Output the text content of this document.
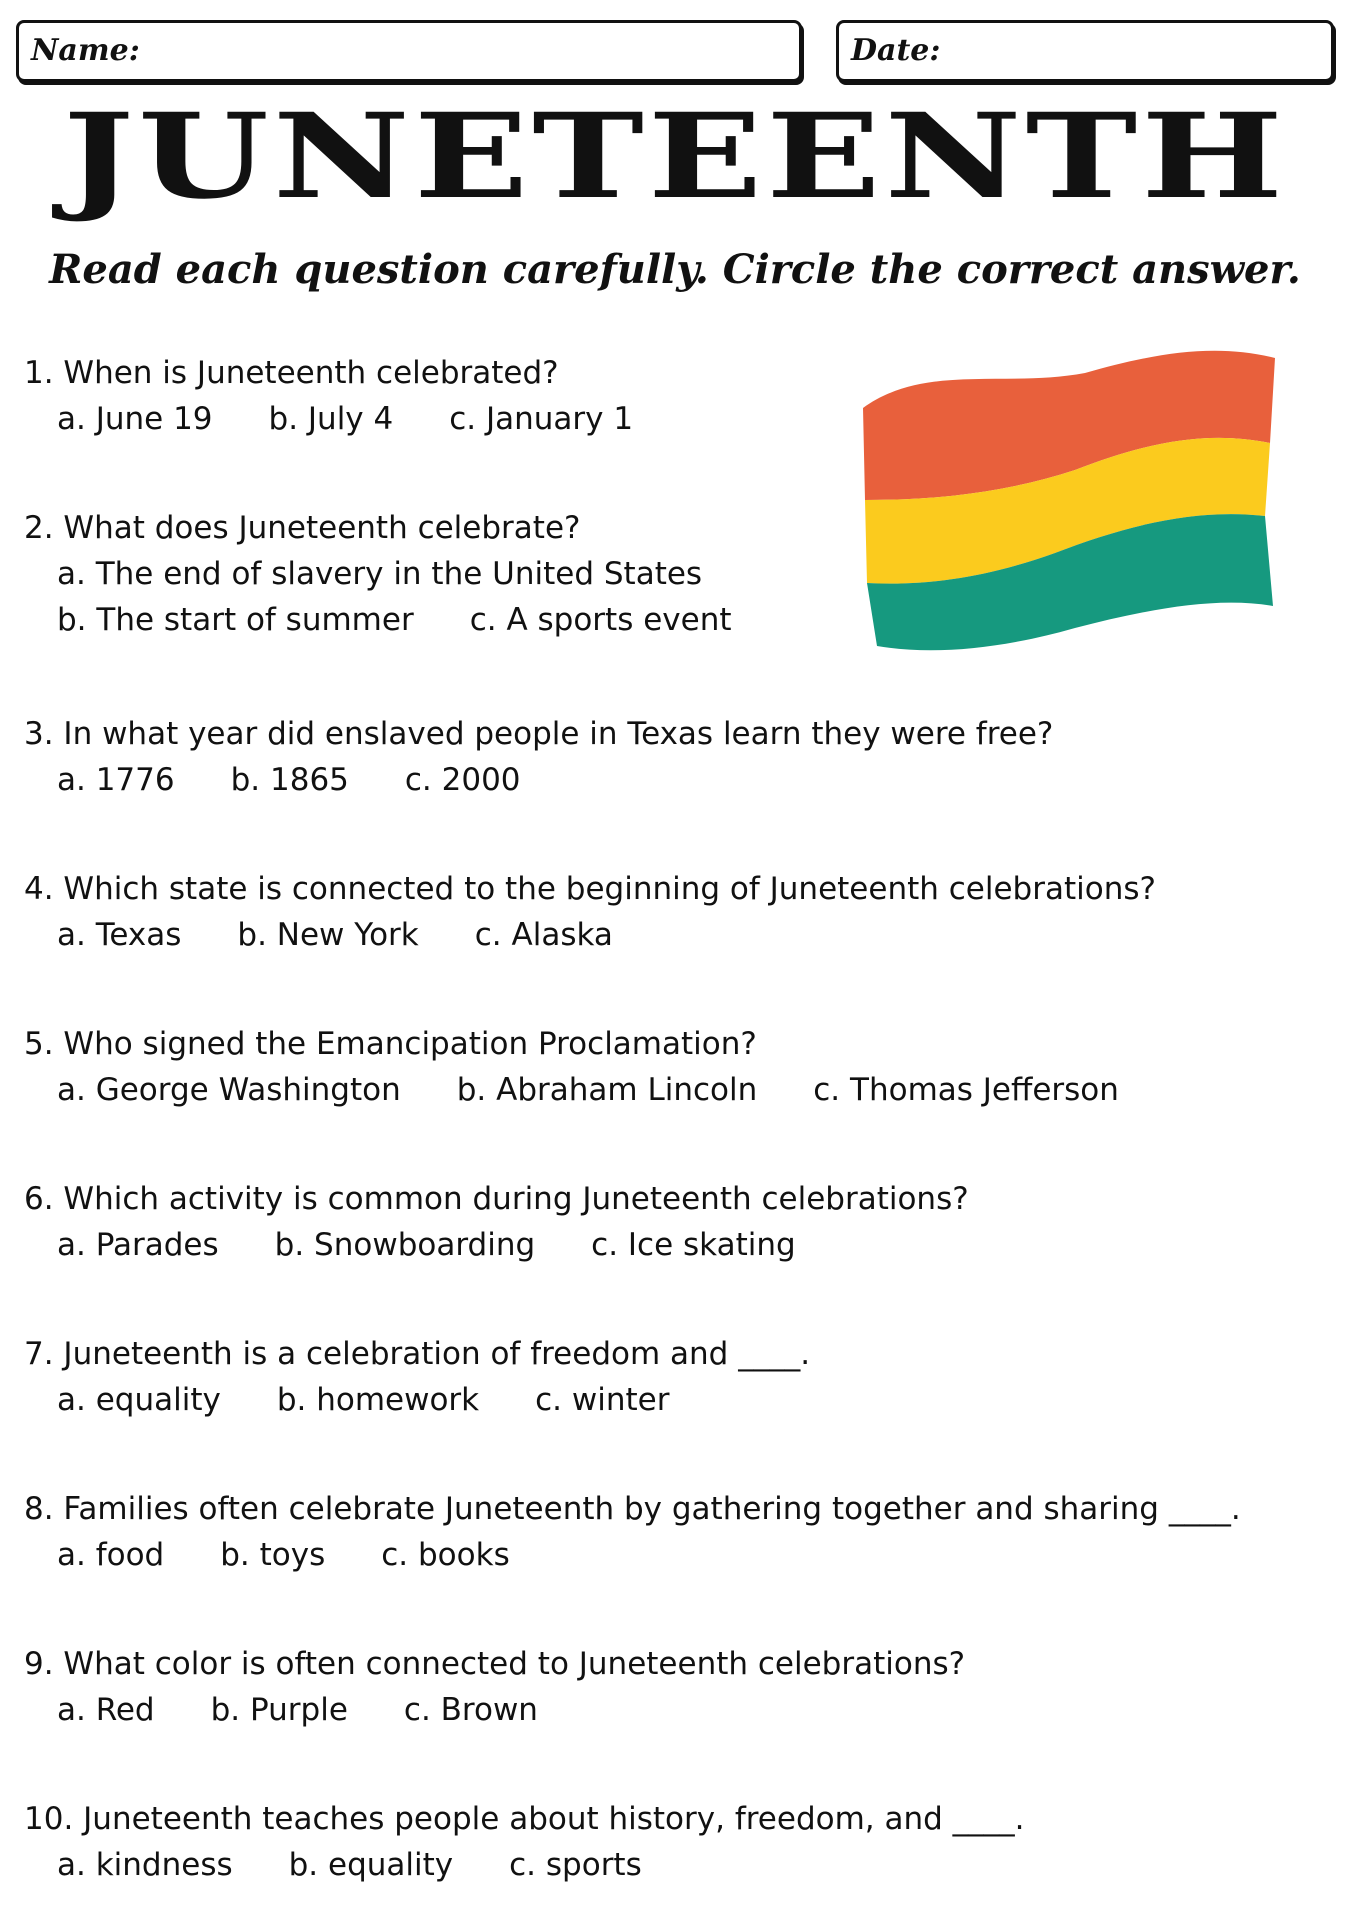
Name:	Date:
JUNETEENTH
Read each question carefully. Circle the correct answer.
1. When is Juneteenth celebrated?
a. June 19 b. July 4 c. January 1
2. What does Juneteenth celebrate?
a. The end of slavery in the United States
b. The start of summer c. A sports event
3. In what year did enslaved people in Texas learn they were free?
a. 1776 b. 1865 c. 2000
4. Which state is connected to the beginning of Juneteenth celebrations?
a. Texas b. New York c. Alaska
5. Who signed the Emancipation Proclamation?
a. George Washington b. Abraham Lincoln c. Thomas Jefferson
6. Which activity is common during Juneteenth celebrations?
a. Parades b. Snowboarding c. Ice skating
7. Juneteenth is a celebration of freedom and ____.
a. equality b. homework c. winter
8. Families often celebrate Juneteenth by gathering together and sharing ____.
a. food b. toys c. books
9. What color is often connected to Juneteenth celebrations?
a. Red b. Purple c. Brown
10. Juneteenth teaches people about history, freedom, and ____.
a. kindness b. equality c. sports
